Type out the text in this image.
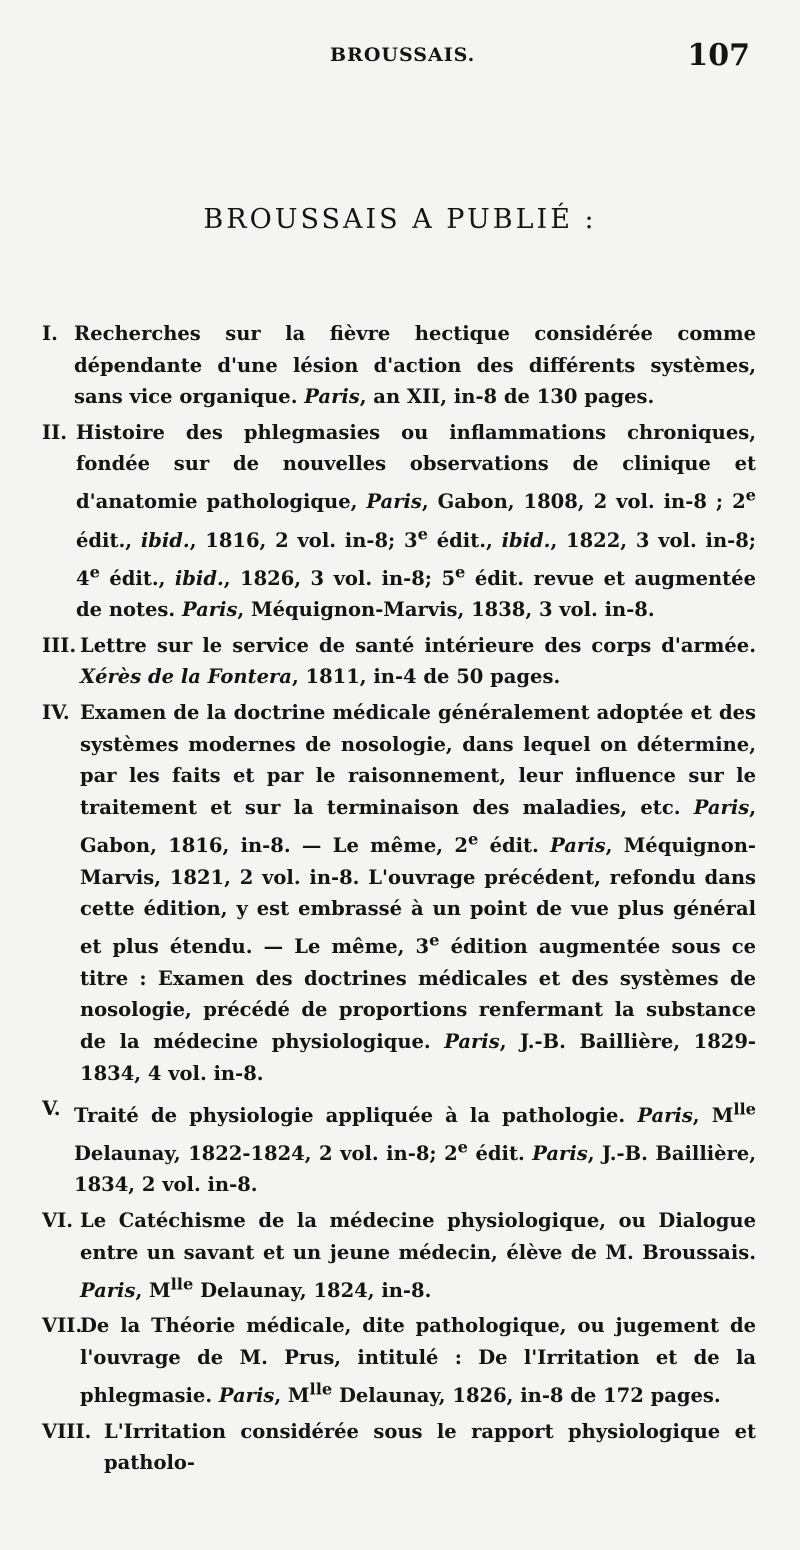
BROUSSAIS.	107
BROUSSAIS A PUBLIÉ :
I. Recherches sur la fièvre hectique considérée comme dépendante d'une lésion d'action des différents systèmes, sans vice organique. Paris, an XII, in-8 de 130 pages.
II. Histoire des phlegmasies ou inflammations chroniques, fondée sur de nouvelles observations de clinique et d'anatomie pathologique, Paris, Gabon, 1808, 2 vol. in-8 ; 2e édit., ibid., 1816, 2 vol. in-8; 3e édit., ibid., 1822, 3 vol. in-8; 4e édit., ibid., 1826, 3 vol. in-8; 5e édit. revue et augmentée de notes. Paris, Méquignon-Marvis, 1838, 3 vol. in-8.
III. Lettre sur le service de santé intérieure des corps d'armée. Xérès de la Fontera, 1811, in-4 de 50 pages.
IV. Examen de la doctrine médicale généralement adoptée et des systèmes modernes de nosologie, dans lequel on détermine, par les faits et par le raisonnement, leur influence sur le traitement et sur la terminaison des maladies, etc. Paris, Gabon, 1816, in-8. — Le même, 2e édit. Paris, Méquignon-Marvis, 1821, 2 vol. in-8. L'ouvrage précédent, refondu dans cette édition, y est embrassé à un point de vue plus général et plus étendu. — Le même, 3e édition augmentée sous ce titre : Examen des doctrines médicales et des systèmes de nosologie, précédé de proportions renfermant la substance de la médecine physiologique. Paris, J.-B. Baillière, 1829-1834, 4 vol. in-8.
V. Traité de physiologie appliquée à la pathologie. Paris, $M^{lle}$ Delaunay, 1822-1824, 2 vol. in-8; 2e édit. Paris, J.-B. Baillière, 1834, 2 vol. in-8.
VI. Le Catéchisme de la médecine physiologique, ou Dialogue entre un savant et un jeune médecin, élève de M. Broussais. Paris, $M^{lle}$ Delaunay, 1824, in-8.
VII.
De la Théorie médicale, dite pathologique, ou jugement de l'ouvrage de M. Prus, intitulé : De l'Irritation et de la phlegmasie. Paris, $M^{lle}$ Delaunay, 1826, in-8 de 172 pages.
VIII. L'Irritation considérée sous le rapport physiologique et patholo-
